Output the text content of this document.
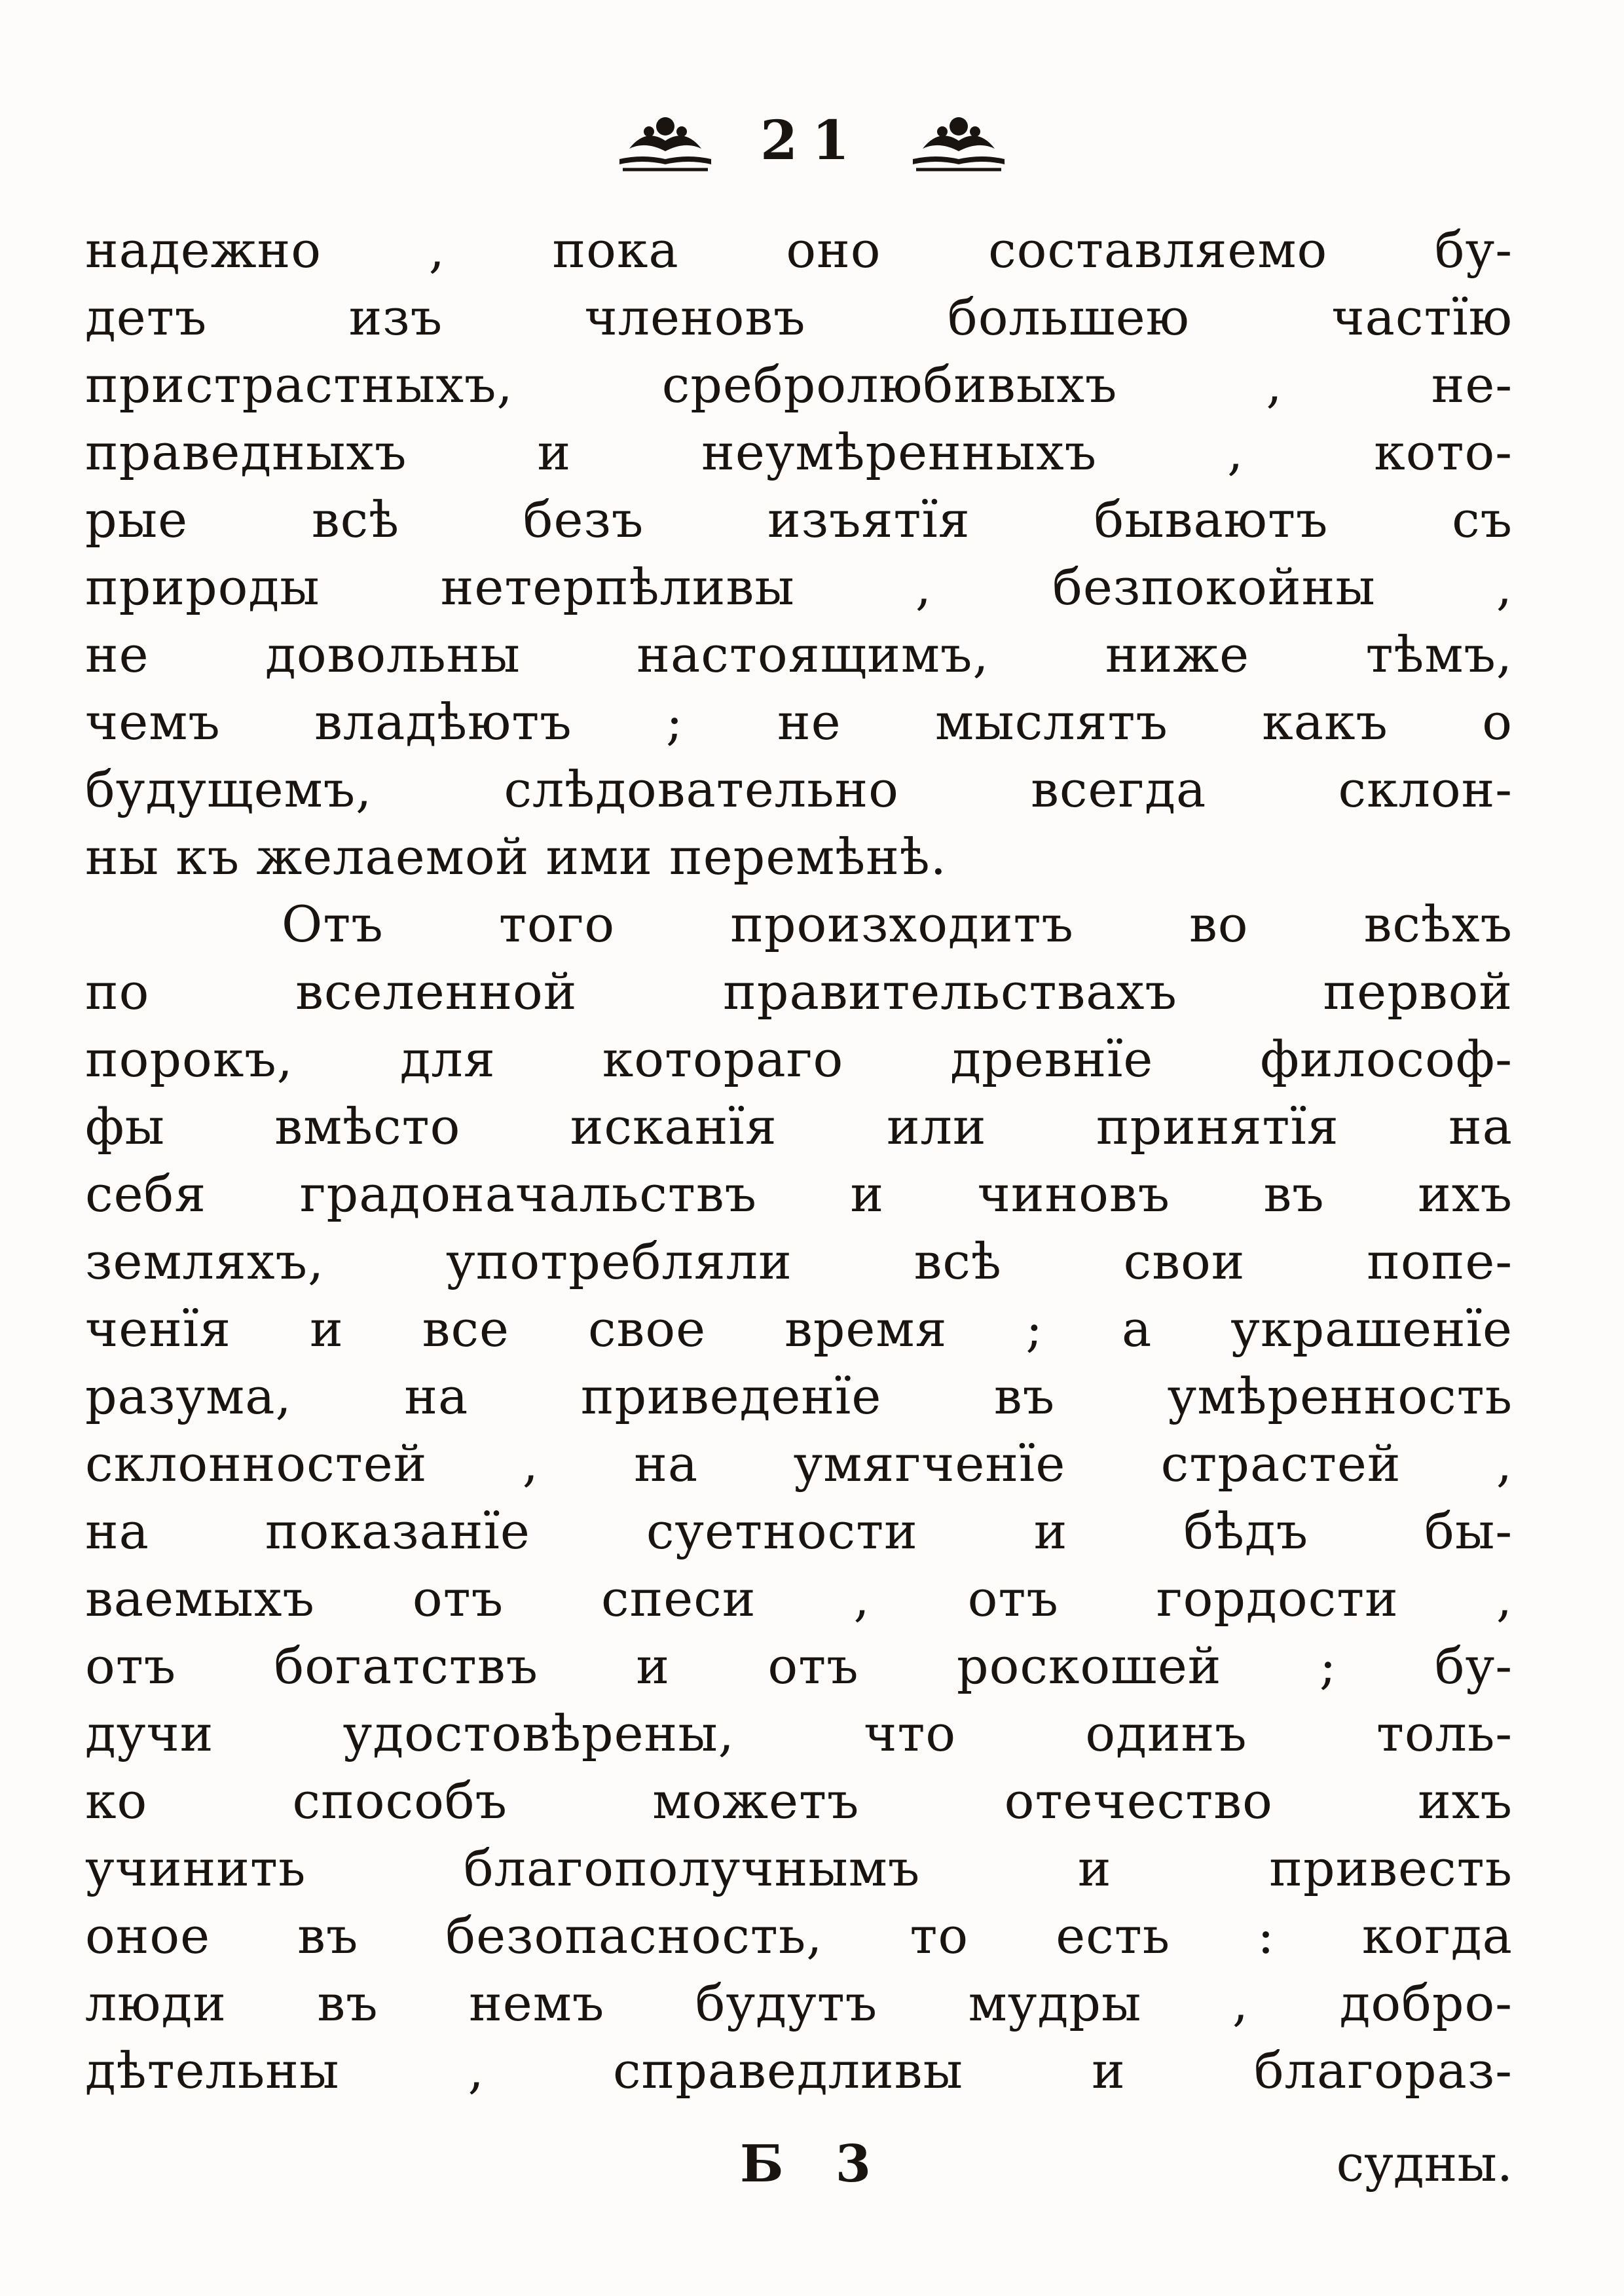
21
надежно , пока оно составляемо бу-
детъ изъ членовъ большею частїю
пристрастныхъ, сребролюбивыхъ , не-
праведныхъ и неумѣренныхъ , кото-
рые всѣ безъ изъятїя бываютъ съ
природы нетерпѣливы , безпокойны ,
не довольны настоящимъ, ниже тѣмъ,
чемъ владѣютъ ; не мыслятъ какъ о
будущемъ, слѣдовательно всегда склон-
ны къ желаемой ими перемѣнѣ.
Отъ того произходитъ во всѣхъ
по вселенной правительствахъ первой
порокъ, для котораго древнїе философ-
фы вмѣсто исканїя или принятїя на
себя градоначальствъ и чиновъ въ ихъ
земляхъ, употребляли всѣ свои попе-
ченїя и все свое время ; а украшенїе
разума, на приведенїе въ умѣренность
склонностей , на умягченїе страстей ,
на показанїе суетности и бѣдъ бы-
ваемыхъ отъ спеси , отъ гордости ,
отъ богатствъ и отъ роскошей ; бу-
дучи удостовѣрены, что одинъ толь-
ко способъ можетъ отечество ихъ
учинить благополучнымъ и привесть
оное въ безопасность, то есть : когда
люди въ немъ будутъ мудры , добро-
дѣтельны , справедливы и благораз-
Б 3	судны.
